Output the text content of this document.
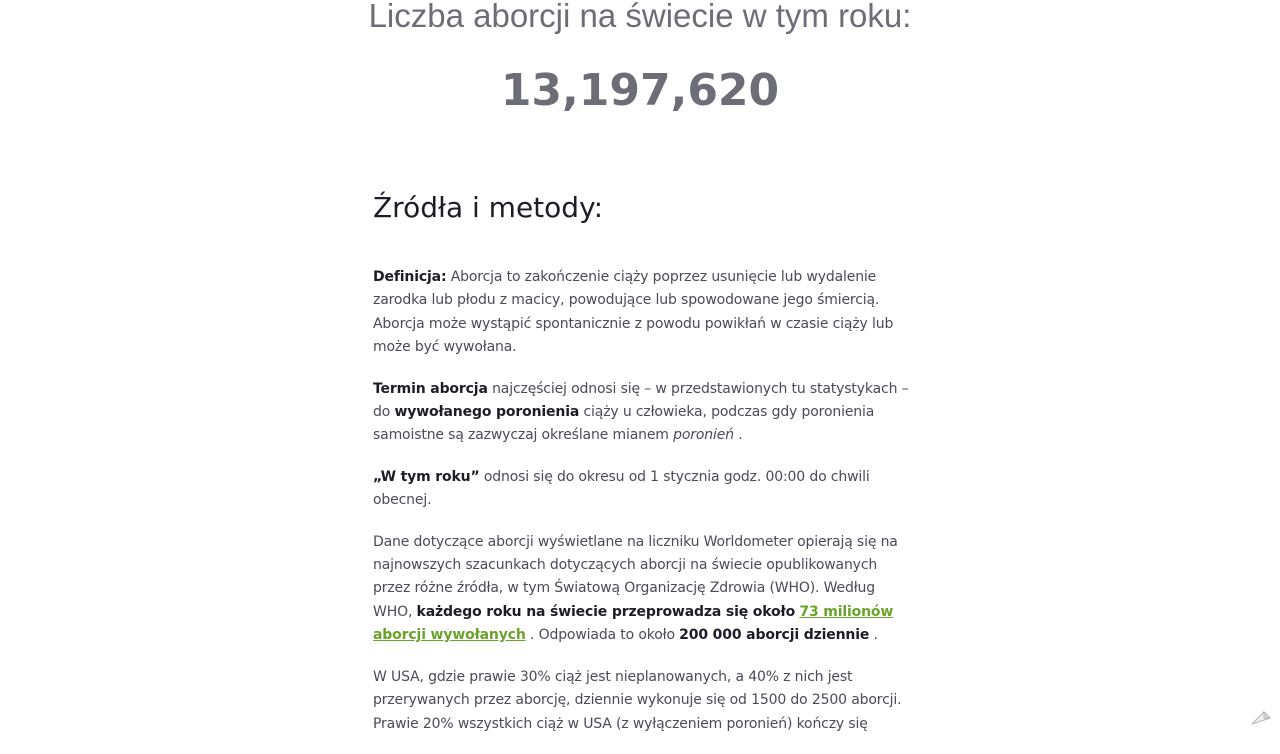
Liczba aborcji na świecie w tym roku:
13,197,620
Źródła i metody:

Definicja: Aborcja to zakończenie ciąży poprzez usunięcie lub wydalenie zarodka lub płodu z macicy, powodujące lub spowodowane jego śmiercią. Aborcja może wystąpić spontanicznie z powodu powikłań w czasie ciąży lub może być wywołana.

Termin aborcja najczęściej odnosi się – w przedstawionych tu statystykach – do wywołanego poronienia ciąży u człowieka, podczas gdy poronienia samoistne są zazwyczaj określane mianem poronień .

„W tym roku” odnosi się do okresu od 1 stycznia godz. 00:00 do chwili obecnej.

Dane dotyczące aborcji wyświetlane na liczniku Worldometer opierają się na najnowszych szacunkach dotyczących aborcji na świecie opublikowanych przez różne źródła, w tym Światową Organizację Zdrowia (WHO). Według WHO, każdego roku na świecie przeprowadza się około 73 milionów aborcji wywołanych . Odpowiada to około 200 000 aborcji dziennie .

W USA, gdzie prawie 30% ciąż jest nieplanowanych, a 40% z nich jest przerywanych przez aborcję, dziennie wykonuje się od 1500 do 2500 aborcji. Prawie 20% wszystkich ciąż w USA (z wyłączeniem poronień) kończy się
